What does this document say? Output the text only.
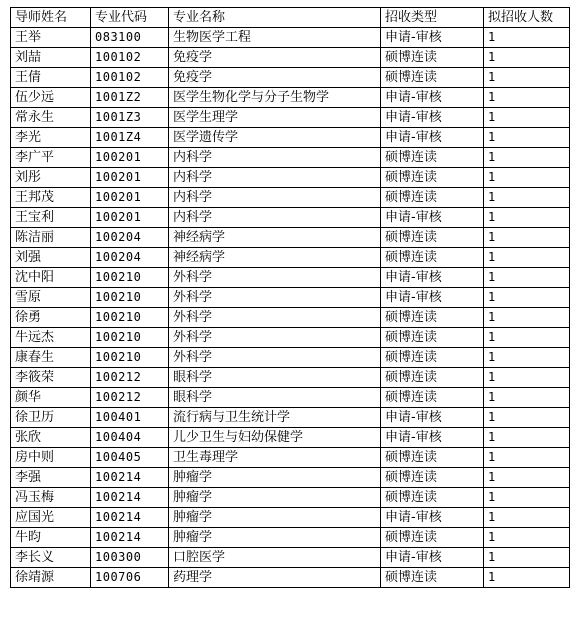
导师姓名	专业代码	专业名称	招收类型	拟招收人数
王举	083100	生物医学工程	申请-审核	1
刘喆	100102	免疫学	硕博连读	1
王倩	100102	免疫学	硕博连读	1
伍少远	1001Z2	医学生物化学与分子生物学	申请-审核	1
常永生	1001Z3	医学生理学	申请-审核	1
李光	1001Z4	医学遗传学	申请-审核	1
李广平	100201	内科学	硕博连读	1
刘彤	100201	内科学	硕博连读	1
王邦茂	100201	内科学	硕博连读	1
王宝利	100201	内科学	申请-审核	1
陈洁丽	100204	神经病学	硕博连读	1
刘强	100204	神经病学	硕博连读	1
沈中阳	100210	外科学	申请-审核	1
雪原	100210	外科学	申请-审核	1
徐勇	100210	外科学	硕博连读	1
牛远杰	100210	外科学	硕博连读	1
康春生	100210	外科学	硕博连读	1
李筱荣	100212	眼科学	硕博连读	1
颜华	100212	眼科学	硕博连读	1
徐卫历	100401	流行病与卫生统计学	申请-审核	1
张欣	100404	儿少卫生与妇幼保健学	申请-审核	1
房中则	100405	卫生毒理学	硕博连读	1
李强	100214	肿瘤学	硕博连读	1
冯玉梅	100214	肿瘤学	硕博连读	1
应国光	100214	肿瘤学	申请-审核	1
牛昀	100214	肿瘤学	硕博连读	1
李长义	100300	口腔医学	申请-审核	1
徐靖源	100706	药理学	硕博连读	1
